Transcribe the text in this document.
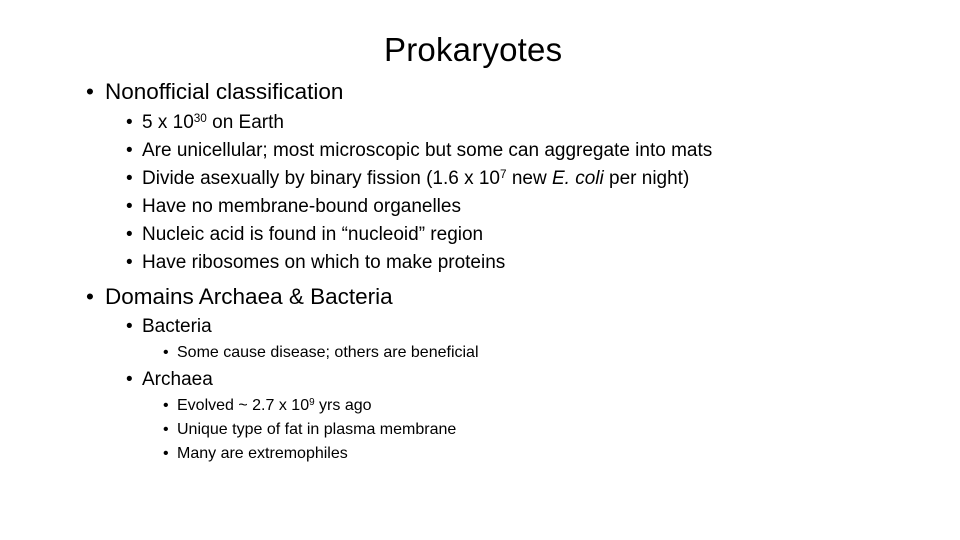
Prokaryotes
• Nonofficial classification
• 5 x $10^{30}$ on Earth
• Are unicellular; most microscopic but some can aggregate into mats
• Divide asexually by binary fission (1.6 x $10^7$ new E. coli per night)
• Have no membrane-bound organelles
• Nucleic acid is found in “nucleoid” region
• Have ribosomes on which to make proteins
• Domains Archaea & Bacteria
• Bacteria
• Some cause disease; others are beneficial
• Archaea
• Evolved ~ 2.7 x $10^9$ yrs ago
• Unique type of fat in plasma membrane
• Many are extremophiles
